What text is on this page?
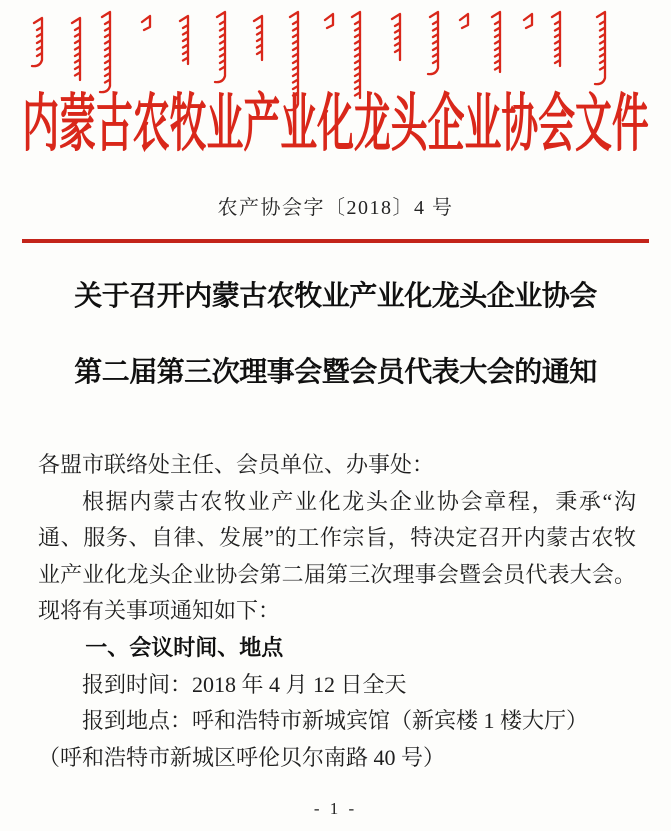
内蒙古农牧业产业化龙头企业协会文件
农产协会字〔2018〕4 号
关于召开内蒙古农牧业产业化龙头企业协会
第二届第三次理事会暨会员代表大会的通知

各盟市联络处主任、会员单位、办事处：

根据内蒙古农牧业产业化龙头企业协会章程，秉承“沟通、服务、自律、发展”的工作宗旨，特决定召开内蒙古农牧业产业化龙头企业协会第二届第三次理事会暨会员代表大会。现将有关事项通知如下：

一、会议时间、地点

报到时间：2018 年 4 月 12 日全天

报到地点：呼和浩特市新城宾馆（新宾楼 1 楼大厅）

（呼和浩特市新城区呼伦贝尔南路 40 号）

- 1 -
